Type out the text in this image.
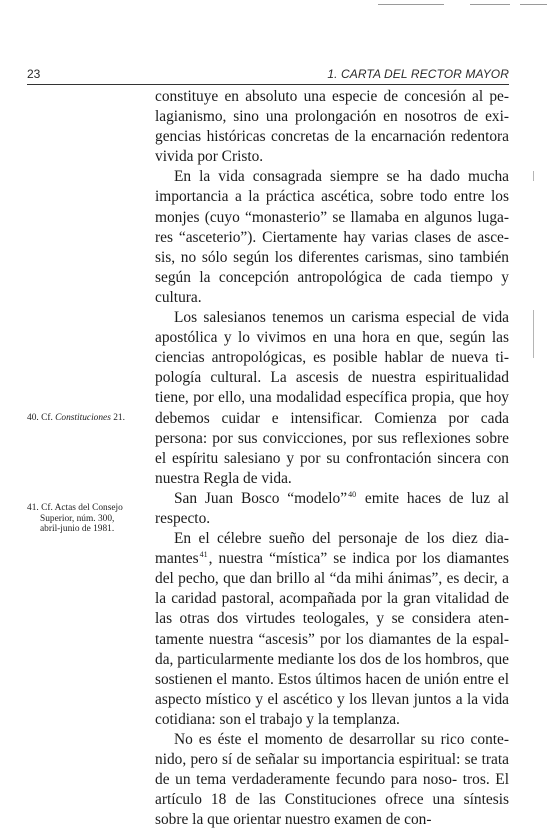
23	1. CARTA DEL RECTOR MAYOR

constituye en absoluto una especie de concesión al pe- lagianismo, sino una prolongación en nosotros de exi- gencias históricas concretas de la encarnación redentora vivida por Cristo.

En la vida consagrada siempre se ha dado mucha importancia a la práctica ascética, sobre todo entre los monjes (cuyo “monasterio” se llamaba en algunos luga- res “asceterio”). Ciertamente hay varias clases de asce- sis, no sólo según los diferentes carismas, sino también según la concepción antropológica de cada tiempo y cultura.

Los salesianos tenemos un carisma especial de vida apostólica y lo vivimos en una hora en que, según las ciencias antropológicas, es posible hablar de nueva ti- pología cultural. La ascesis de nuestra espiritualidad tiene, por ello, una modalidad específica propia, que hoy debemos cuidar e intensificar. Comienza por cada persona: por sus convicciones, por sus reflexiones sobre el espíritu salesiano y por su confrontación sincera con nuestra Regla de vida.

San Juan Bosco “modelo”$^{40}$ emite haces de luz al respecto.

En el célebre sueño del personaje de los diez dia- mantes$^{41}$, nuestra “mística” se indica por los diamantes del pecho, que dan brillo al “da mihi ánimas”, es decir, a la caridad pastoral, acompañada por la gran vitalidad de las otras dos virtudes teologales, y se considera aten- tamente nuestra “ascesis” por los diamantes de la espal- da, particularmente mediante los dos de los hombros, que sostienen el manto. Estos últimos hacen de unión entre el aspecto místico y el ascético y los llevan juntos a la vida cotidiana: son el trabajo y la templanza.

No es éste el momento de desarrollar su rico conte- nido, pero sí de señalar su importancia espiritual: se trata de un tema verdaderamente fecundo para noso- tros. El artículo 18 de las Constituciones ofrece una síntesis sobre la que orientar nuestro examen de con-

40. Cf. Constituciones 21.
41. Cf. Actas del Consejo
Superior, núm. 300,
abril-junio de 1981.
